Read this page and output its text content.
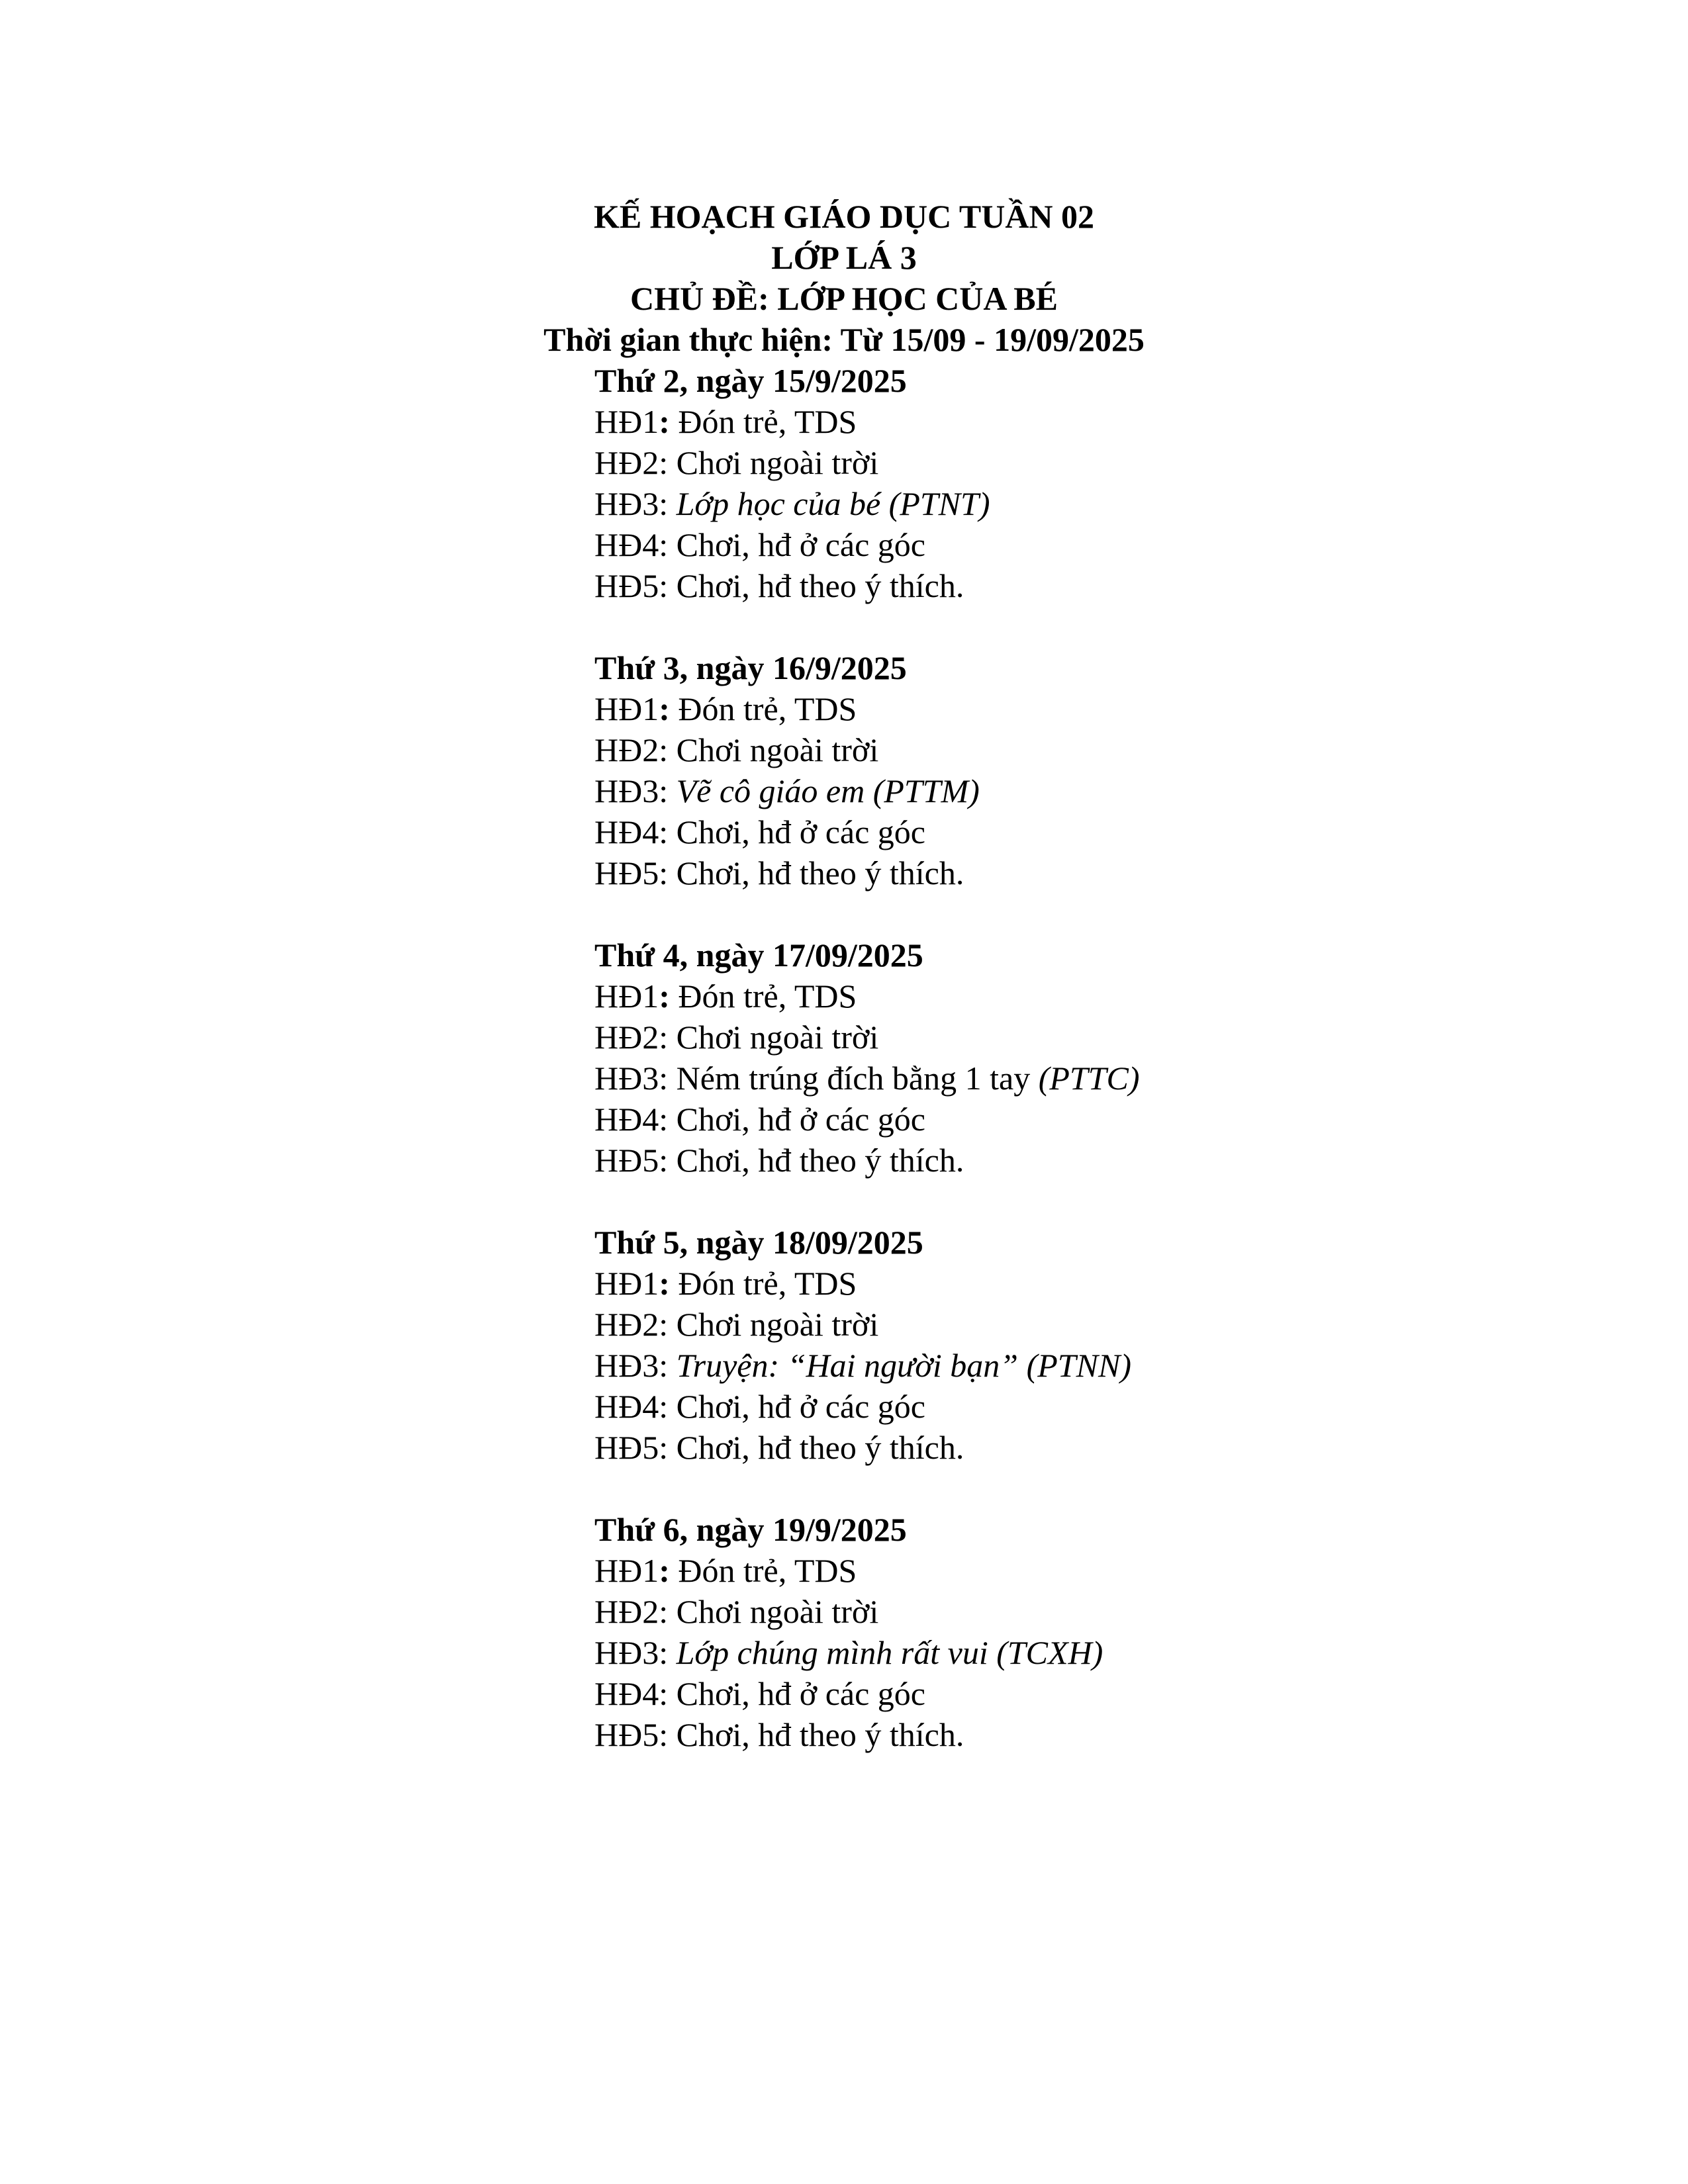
KẾ HOẠCH GIÁO DỤC TUẦN 02
LỚP LÁ 3
CHỦ ĐỀ: LỚP HỌC CỦA BÉ
Thời gian thực hiện: Từ 15/09 - 19/09/2025
Thứ 2, ngày 15/9/2025
HĐ1: Đón trẻ, TDS
HĐ2: Chơi ngoài trời
HĐ3: Lớp học của bé (PTNT)
HĐ4: Chơi, hđ ở các góc
HĐ5: Chơi, hđ theo ý thích.
Thứ 3, ngày 16/9/2025
HĐ1: Đón trẻ, TDS
HĐ2: Chơi ngoài trời
HĐ3: Vẽ cô giáo em (PTTM)
HĐ4: Chơi, hđ ở các góc
HĐ5: Chơi, hđ theo ý thích.
Thứ 4, ngày 17/09/2025
HĐ1: Đón trẻ, TDS
HĐ2: Chơi ngoài trời
HĐ3: Ném trúng đích bằng 1 tay (PTTC)
HĐ4: Chơi, hđ ở các góc
HĐ5: Chơi, hđ theo ý thích.
Thứ 5, ngày 18/09/2025
HĐ1: Đón trẻ, TDS
HĐ2: Chơi ngoài trời
HĐ3: Truyện: “Hai người bạn” (PTNN)
HĐ4: Chơi, hđ ở các góc
HĐ5: Chơi, hđ theo ý thích.
Thứ 6, ngày 19/9/2025
HĐ1: Đón trẻ, TDS
HĐ2: Chơi ngoài trời
HĐ3: Lớp chúng mình rất vui (TCXH)
HĐ4: Chơi, hđ ở các góc
HĐ5: Chơi, hđ theo ý thích.
